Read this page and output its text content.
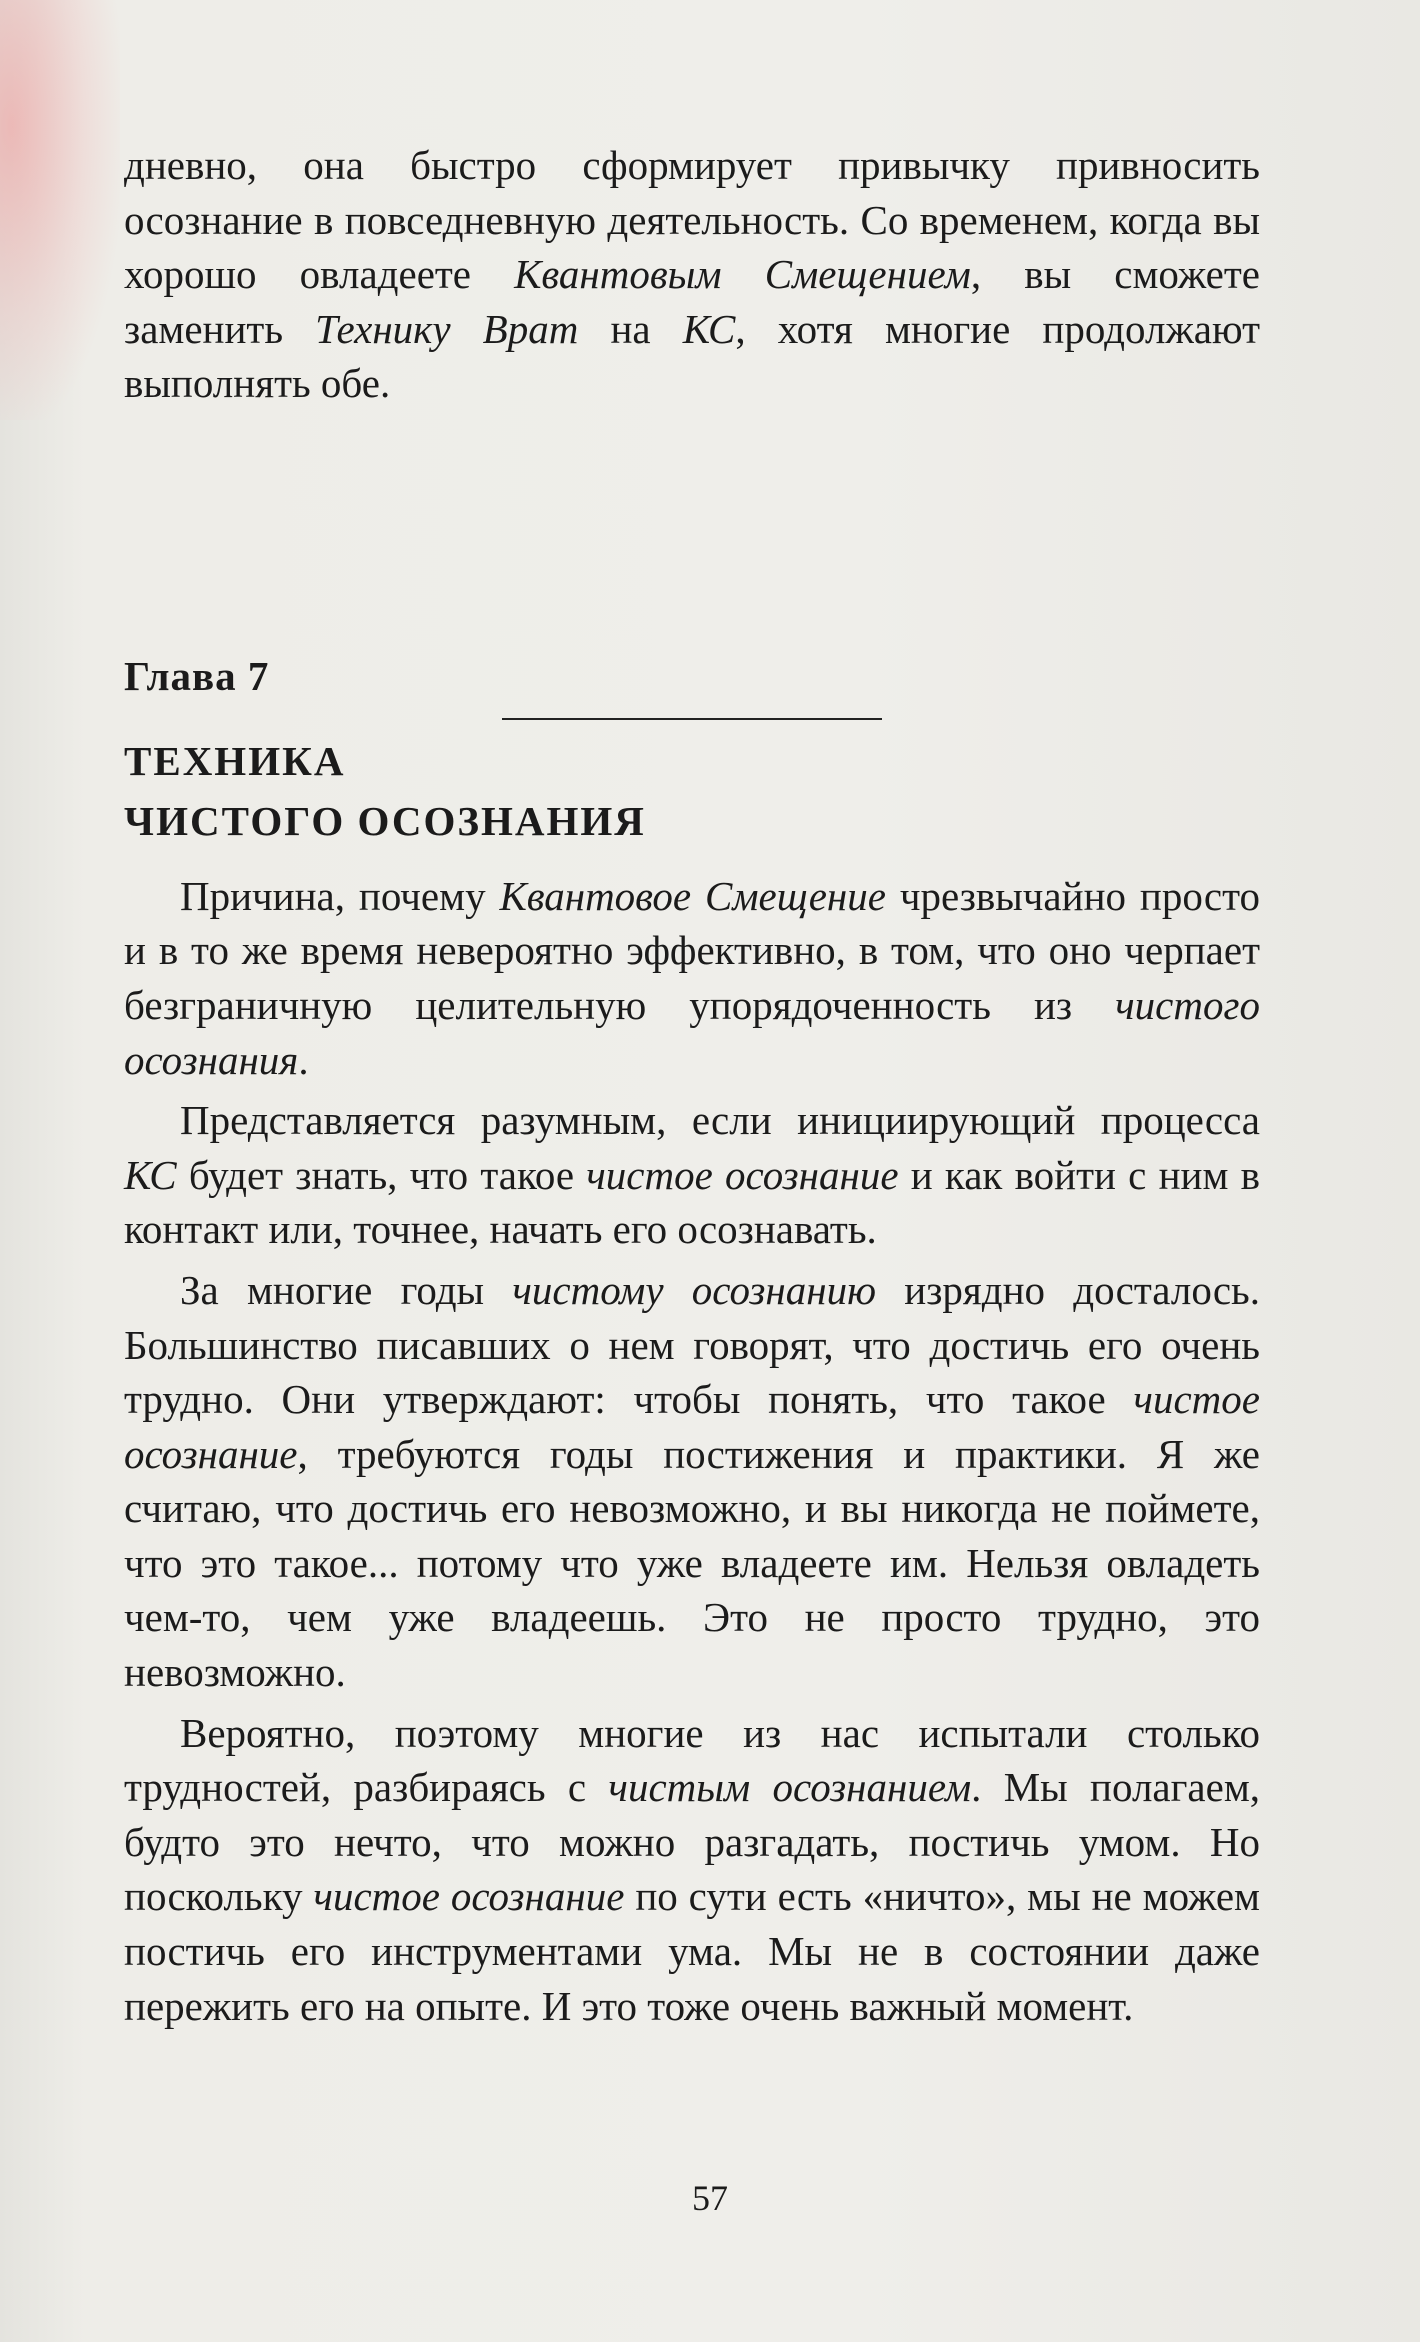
дневно, она быстро сформирует привычку привносить осознание в повседневную деятельность. Со временем, когда вы хорошо овладеете Квантовым Смещением, вы сможете заменить Технику Врат на КС, хотя многие продолжают выполнять обе.

Глава 7

ТЕХНИКА

ЧИСТОГО ОСОЗНАНИЯ

Причина, почему Квантовое Смещение чрезвычайно просто и в то же время невероятно эффективно, в том, что оно черпает безграничную целительную упорядоченность из чистого осознания.

Представляется разумным, если инициирующий процесса КС будет знать, что такое чистое осознание и как войти с ним в контакт или, точнее, начать его осознавать.

За многие годы чистому осознанию изрядно досталось. Большинство писавших о нем говорят, что достичь его очень трудно. Они утверждают: чтобы понять, что такое чистое осознание, требуются годы постижения и практики. Я же считаю, что достичь его невозможно, и вы никогда не поймете, что это такое... потому что уже владеете им. Нельзя овладеть чем-то, чем уже владеешь. Это не просто трудно, это невозможно.

Вероятно, поэтому многие из нас испытали столько трудностей, разбираясь с чистым осознанием. Мы полагаем, будто это нечто, что можно разгадать, постичь умом. Но поскольку чистое осознание по сути есть «ничто», мы не можем постичь его инструментами ума. Мы не в состоянии даже пережить его на опыте. И это тоже очень важный момент.

57
